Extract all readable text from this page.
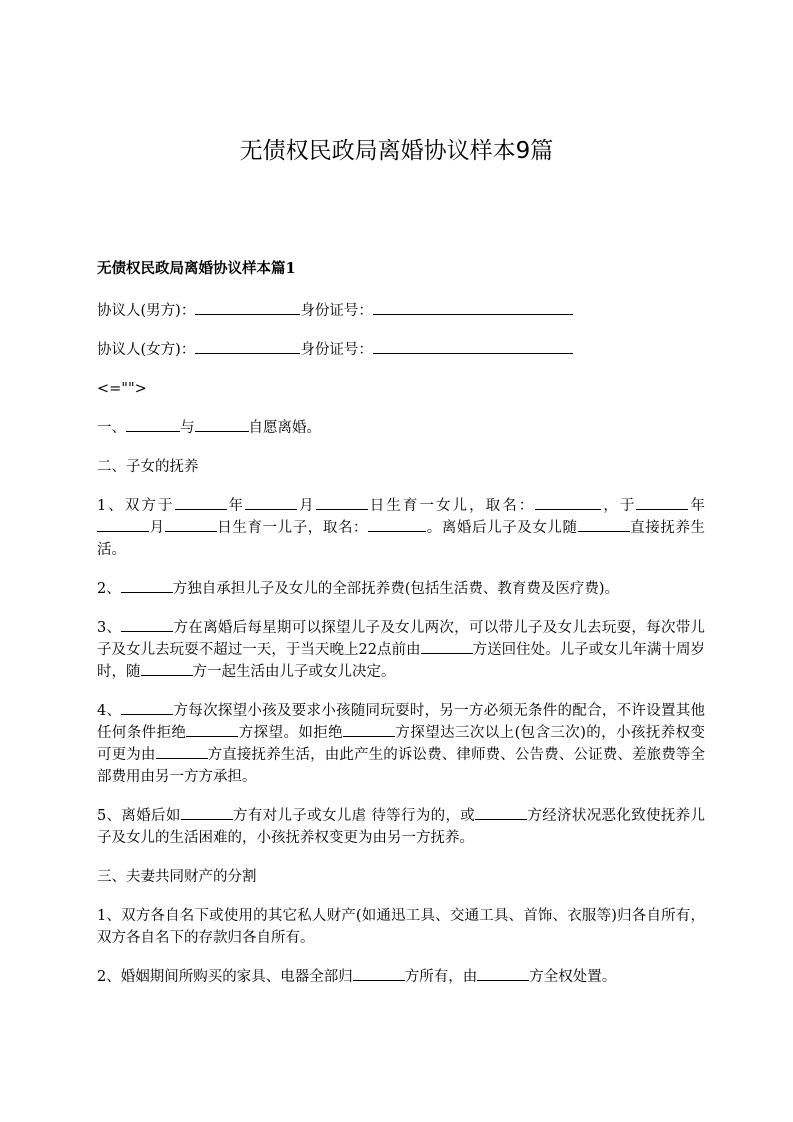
无债权民政局离婚协议样本9篇
无债权民政局离婚协议样本篇1
协议人(男方)：	身份证号：
协议人(女方)：	身份证号：
<="">
一、	与	自愿离婚。
二、子女的抚养
1、双方于	年	月	日生育一女儿，取名：	，于	年月	日生育一儿子，取名：	。离婚后儿子及女儿随	直接抚养生活。
2、	方独自承担儿子及女儿的全部抚养费(包括生活费、教育费及医疗费)。
3、	方在离婚后每星期可以探望儿子及女儿两次，可以带儿子及女儿去玩耍，每次带儿子及女儿去玩耍不超过一天，于当天晚上22点前由	方送回住处。儿子或女儿年满十周岁时，随	方一起生活由儿子或女儿决定。
4、	方每次探望小孩及要求小孩随同玩耍时，另一方必须无条件的配合，不许设置其他任何条件拒绝	方探望。如拒绝	方探望达三次以上(包含三次)的，小孩抚养权变可更为由	方直接抚养生活，由此产生的诉讼费、律师费、公告费、公证费、差旅费等全部费用由另一方方承担。
5、离婚后如	方有对儿子或女儿虐 待等行为的，或	方经济状况恶化致使抚养儿子及女儿的生活困难的，小孩抚养权变更为由另一方抚养。
三、夫妻共同财产的分割
1、双方各自名下或使用的其它私人财产(如通迅工具、交通工具、首饰、衣服等)归各自所有，双方各自名下的存款归各自所有。
2、婚姻期间所购买的家具、电器全部归	方所有，由	方全权处置。
